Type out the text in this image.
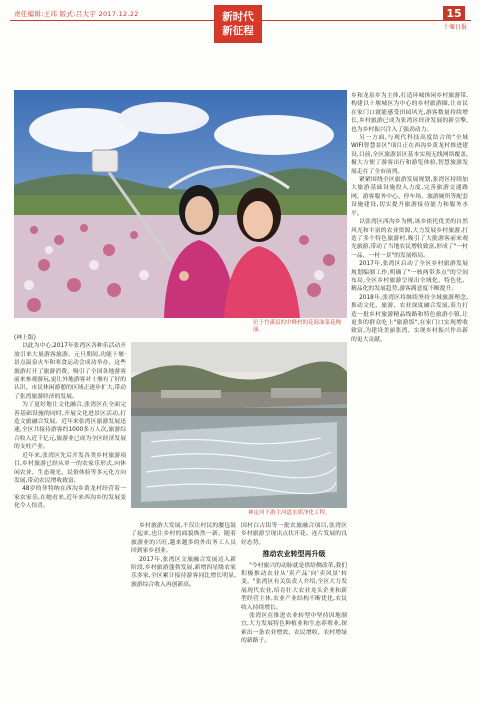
责任编辑:王玮 版式:吕大宇 2017.12.22	新时代
新征程
15
十堰日报
位于竹溪县的中峰村的花海油菜花绚丽。
神定河下游主河道水质净化工程。

乡和龙泉乡为主体,打造环城休闲乡村旅游带,构建以十堰城区为中心的乡村旅游圈,让市民在家门口就能感受田园风光,游客数量持续增长,乡村旅游已成为张湾区经济发展的新引擎,也为乡村振兴注入了强劲动力。

另一方面,与现代科技高度结合的"全域WIFI智慧景区"项目正在西沟乡黄龙村推进建设,目前,全区旅游景区基本实现无线网络覆盖,极大方便了游客出行和游览体验,智慧旅游发展走在了全市前列。

紧紧围绕全区旅游发展规划,张湾区持续加大旅游基础设施投入力度,完善旅游交通路网、游客服务中心、停车场、旅游厕所等配套设施建设,切实提升旅游接待能力和服务水平。

以张湾区西沟乡为例,该乡依托优美的自然风光和丰富的农业资源,大力发展乡村旅游,打造了多个特色旅游村,吸引了大批游客前来观光旅游,带动了当地农民增收致富,形成了"一村一品、一村一景"的发展格局。

2017年,张湾区启动了全区乡村旅游发展规划编制工作,明确了"一核两带多点"的空间布局,全区乡村旅游呈现出全域化、特色化、精品化的发展趋势,游客满意度不断提升。

2018年,张湾区将继续坚持全域旅游理念,推动文化、旅游、农业深度融合发展,着力打造一批乡村旅游精品线路和特色旅游小镇,让更多的群众吃上"旅游饭",在家门口实现增收致富,为建设美丽张湾、实现乡村振兴作出新的更大贡献。

(神上版)

以此为中心,2017年张湾区各种乐活动开放引来大量游客旅游。元旦期间,功能十堰·景点温泉火车和寒食运动会成功举办、这些旅游打开了旅游消费、吸引了全国各地游客前来参观游玩,更让外地游客对十堰有了好的认识。市民休闲游憩的区域正逐步扩大,带动了张湾旅游经济的发展。

为了更好地让文化融合,张湾区在全面完善基础设施的同时,开展文化进景区活动,打造文旅融合发展。近年来张湾区旅游发展迅速,全区共接待游客约1000多万人次,旅游综合收入近千亿元,旅游业已成为全区经济发展的支柱产业。

近年来,张湾区先后开发各类乡村旅游项目,乡村旅游已经从单一的农家乐形式,向休闲农业、生态观光、民俗体验等多元化方向发展,带动农民增收致富。

48岁的菲特纳在西沟乡黄龙村经营着一家农家乐,在她看来,近年来西沟乡的发展变化令人惊喜。

乡村旅游大发展,不仅让村民的腰包鼓了起来,也让乡村的面貌焕然一新。随着旅游业的兴旺,越来越多的外出务工人员回到家乡创业。

2017年,张湾区文旅融合发展迈入新阶段,乡村旅游蓬勃发展,新增四星级农家乐多家,全区累计接待游客同比增长明显,旅游综合收入再创新高。

国村白古街等一批农旅融合项目,张湾区乡村旅游呈现出点状开花、连片发展的良好态势。

推动农业转型再升级

"今村旅兴的动脉就是供给侧改革,我们积极推动农业从'卖产品'向'卖风景'转变。"张湾区有关负责人介绍,全区大力发展现代农业,培育壮大农业龙头企业和新型经营主体,农业产业结构不断优化,农民收入持续增长。

张湾区在推进农业转型中坚持因地制宜,大力发展特色种植业和生态养殖业,探索出一条农业增效、农民增收、农村增绿的新路子。
